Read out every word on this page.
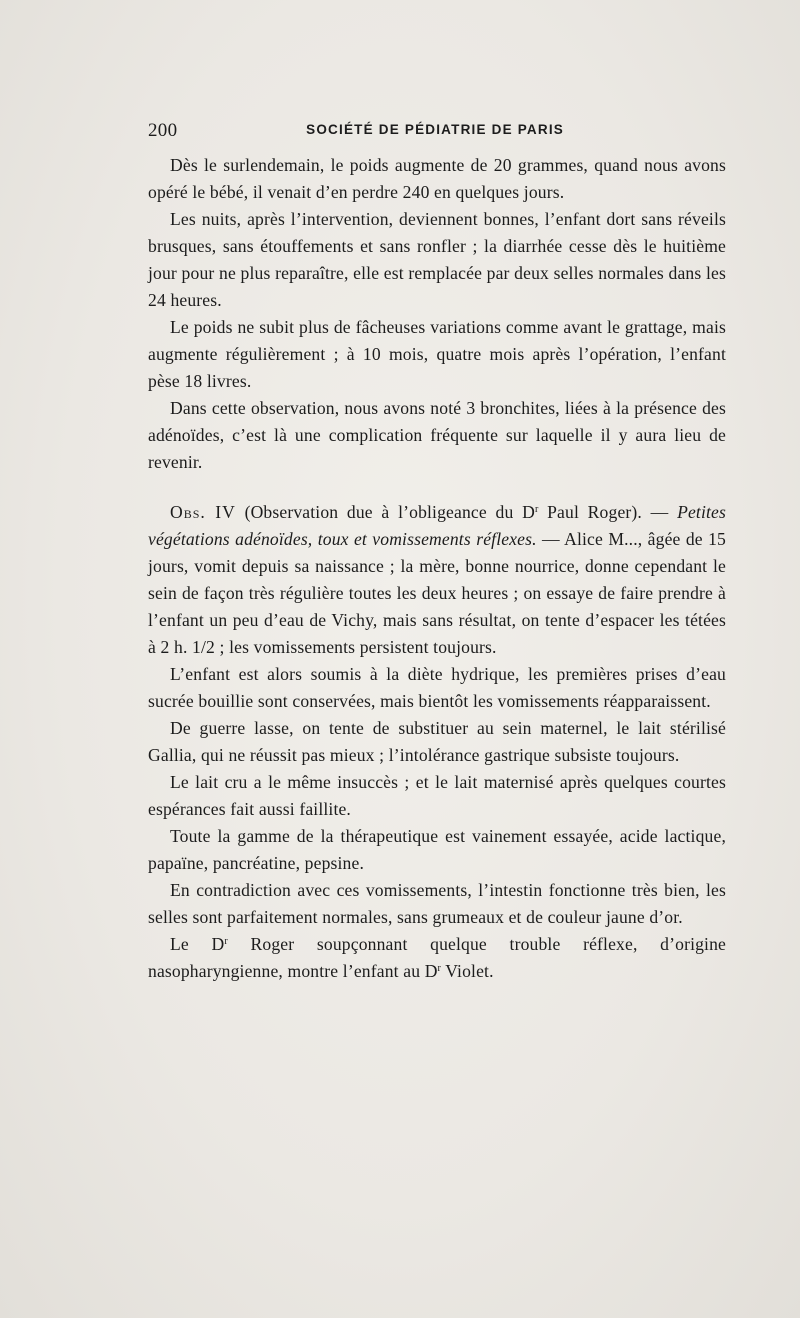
200	SOCIÉTÉ DE PÉDIATRIE DE PARIS

Dès le surlendemain, le poids augmente de 20 grammes, quand nous avons opéré le bébé, il venait d’en perdre 240 en quelques jours.

Les nuits, après l’intervention, deviennent bonnes, l’enfant dort sans réveils brusques, sans étouffements et sans ronfler ; la diarrhée cesse dès le huitième jour pour ne plus reparaître, elle est remplacée par deux selles normales dans les 24 heures.

Le poids ne subit plus de fâcheuses variations comme avant le grattage, mais augmente régulièrement ; à 10 mois, quatre mois après l’opération, l’enfant pèse 18 livres.

Dans cette observation, nous avons noté 3 bronchites, liées à la présence des adénoïdes, c’est là une complication fréquente sur laquelle il y aura lieu de revenir.

Obs. IV (Observation due à l’obligeance du $D^r$ Paul Roger). — Petites végétations adénoïdes, toux et vomissements réflexes. — Alice M..., âgée de 15 jours, vomit depuis sa naissance ; la mère, bonne nourrice, donne cependant le sein de façon très régulière toutes les deux heures ; on essaye de faire prendre à l’enfant un peu d’eau de Vichy, mais sans résultat, on tente d’espacer les tétées à 2 h. 1/2 ; les vomissements persistent toujours.

L’enfant est alors soumis à la diète hydrique, les premières prises d’eau sucrée bouillie sont conservées, mais bientôt les vomissements réapparaissent.

De guerre lasse, on tente de substituer au sein maternel, le lait stérilisé Gallia, qui ne réussit pas mieux ; l’intolérance gastrique subsiste toujours.

Le lait cru a le même insuccès ; et le lait maternisé après quelques courtes espérances fait aussi faillite.

Toute la gamme de la thérapeutique est vainement essayée, acide lactique, papaïne, pancréatine, pepsine.

En contradiction avec ces vomissements, l’intestin fonctionne très bien, les selles sont parfaitement normales, sans grumeaux et de couleur jaune d’or.

Le $D^r$ Roger soupçonnant quelque trouble réflexe, d’origine nasopharyngienne, montre l’enfant au $D^r$ Violet.
